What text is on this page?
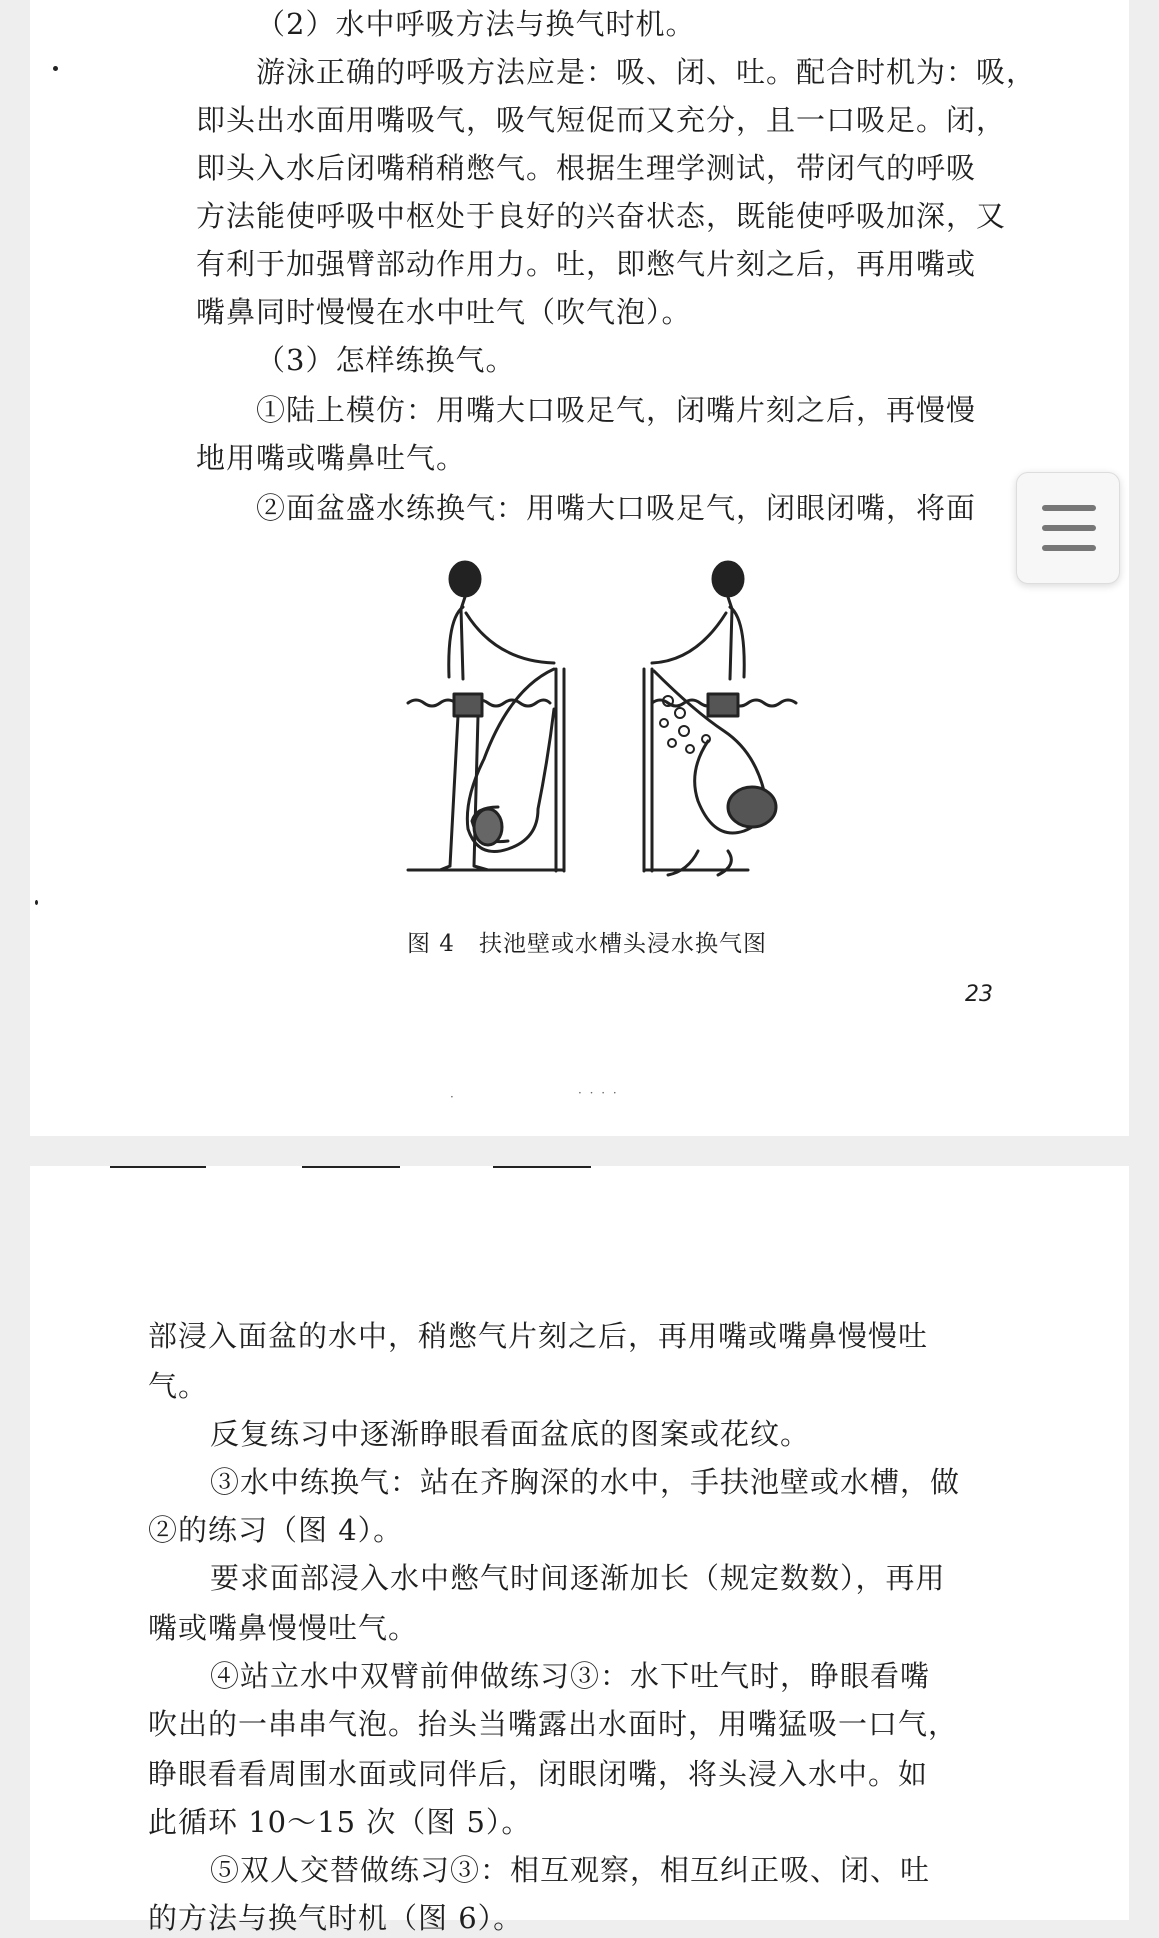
（2）水中呼吸方法与换气时机。

游泳正确的呼吸方法应是：吸、闭、吐。配合时机为：吸，

即头出水面用嘴吸气，吸气短促而又充分，且一口吸足。闭，

即头入水后闭嘴稍稍憋气。根据生理学测试，带闭气的呼吸

方法能使呼吸中枢处于良好的兴奋状态，既能使呼吸加深，又

有利于加强臂部动作用力。吐，即憋气片刻之后，再用嘴或

嘴鼻同时慢慢在水中吐气（吹气泡）。

（3）怎样练换气。

①陆上模仿：用嘴大口吸足气，闭嘴片刻之后，再慢慢

地用嘴或嘴鼻吐气。

②面盆盛水练换气：用嘴大口吸足气，闭眼闭嘴，将面

图 4　扶池壁或水槽头浸水换气图
23
·	· · · ·

部浸入面盆的水中，稍憋气片刻之后，再用嘴或嘴鼻慢慢吐

气。

反复练习中逐渐睁眼看面盆底的图案或花纹。

③水中练换气：站在齐胸深的水中，手扶池壁或水槽，做

②的练习（图 4）。

要求面部浸入水中憋气时间逐渐加长（规定数数），再用

嘴或嘴鼻慢慢吐气。

④站立水中双臂前伸做练习③：水下吐气时，睁眼看嘴

吹出的一串串气泡。抬头当嘴露出水面时，用嘴猛吸一口气，

睁眼看看周围水面或同伴后，闭眼闭嘴，将头浸入水中。如

此循环 10～15 次（图 5）。

⑤双人交替做练习③：相互观察，相互纠正吸、闭、吐

的方法与换气时机（图 6）。
